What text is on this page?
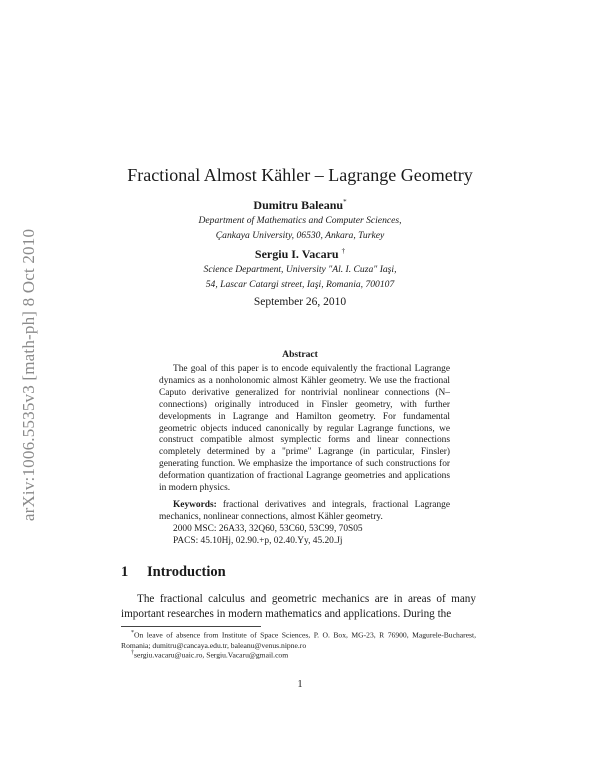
arXiv:1006.5535v3 [math-ph] 8 Oct 2010
Fractional Almost Kähler – Lagrange Geometry
Dumitru Baleanu*
Department of Mathematics and Computer Sciences,
Çankaya University, 06530, Ankara, Turkey
Sergiu I. Vacaru †
Science Department, University "Al. I. Cuza" Iaşi,
54, Lascar Catargi street, Iaşi, Romania, 700107
September 26, 2010
Abstract

The goal of this paper is to encode equivalently the fractional Lagrange dynamics as a nonholonomic almost Kähler geometry. We use the fractional Caputo derivative generalized for nontrivial nonlinear connections (N–connections) originally introduced in Finsler geometry, with further developments in Lagrange and Hamilton geometry. For fundamental geometric objects induced canonically by regular Lagrange functions, we construct compatible almost symplectic forms and linear connections completely determined by a "prime" Lagrange (in particular, Finsler) generating function. We emphasize the importance of such constructions for deformation quantization of fractional Lagrange geometries and applications in modern physics.

Keywords: fractional derivatives and integrals, fractional Lagrange mechanics, nonlinear connections, almost Kähler geometry.

2000 MSC: 26A33, 32Q60, 53C60, 53C99, 70S05

PACS: 45.10Hj, 02.90.+p, 02.40.Yy, 45.20.Jj

1 Introduction

The fractional calculus and geometric mechanics are in areas of many important researches in modern mathematics and applications. During the

*On leave of absence from Institute of Space Sciences, P. O. Box, MG-23, R 76900, Magurele-Bucharest, Romania; dumitru@cancaya.edu.tr, baleanu@venus.nipne.ro

†sergiu.vacaru@uaic.ro, Sergiu.Vacaru@gmail.com

1
